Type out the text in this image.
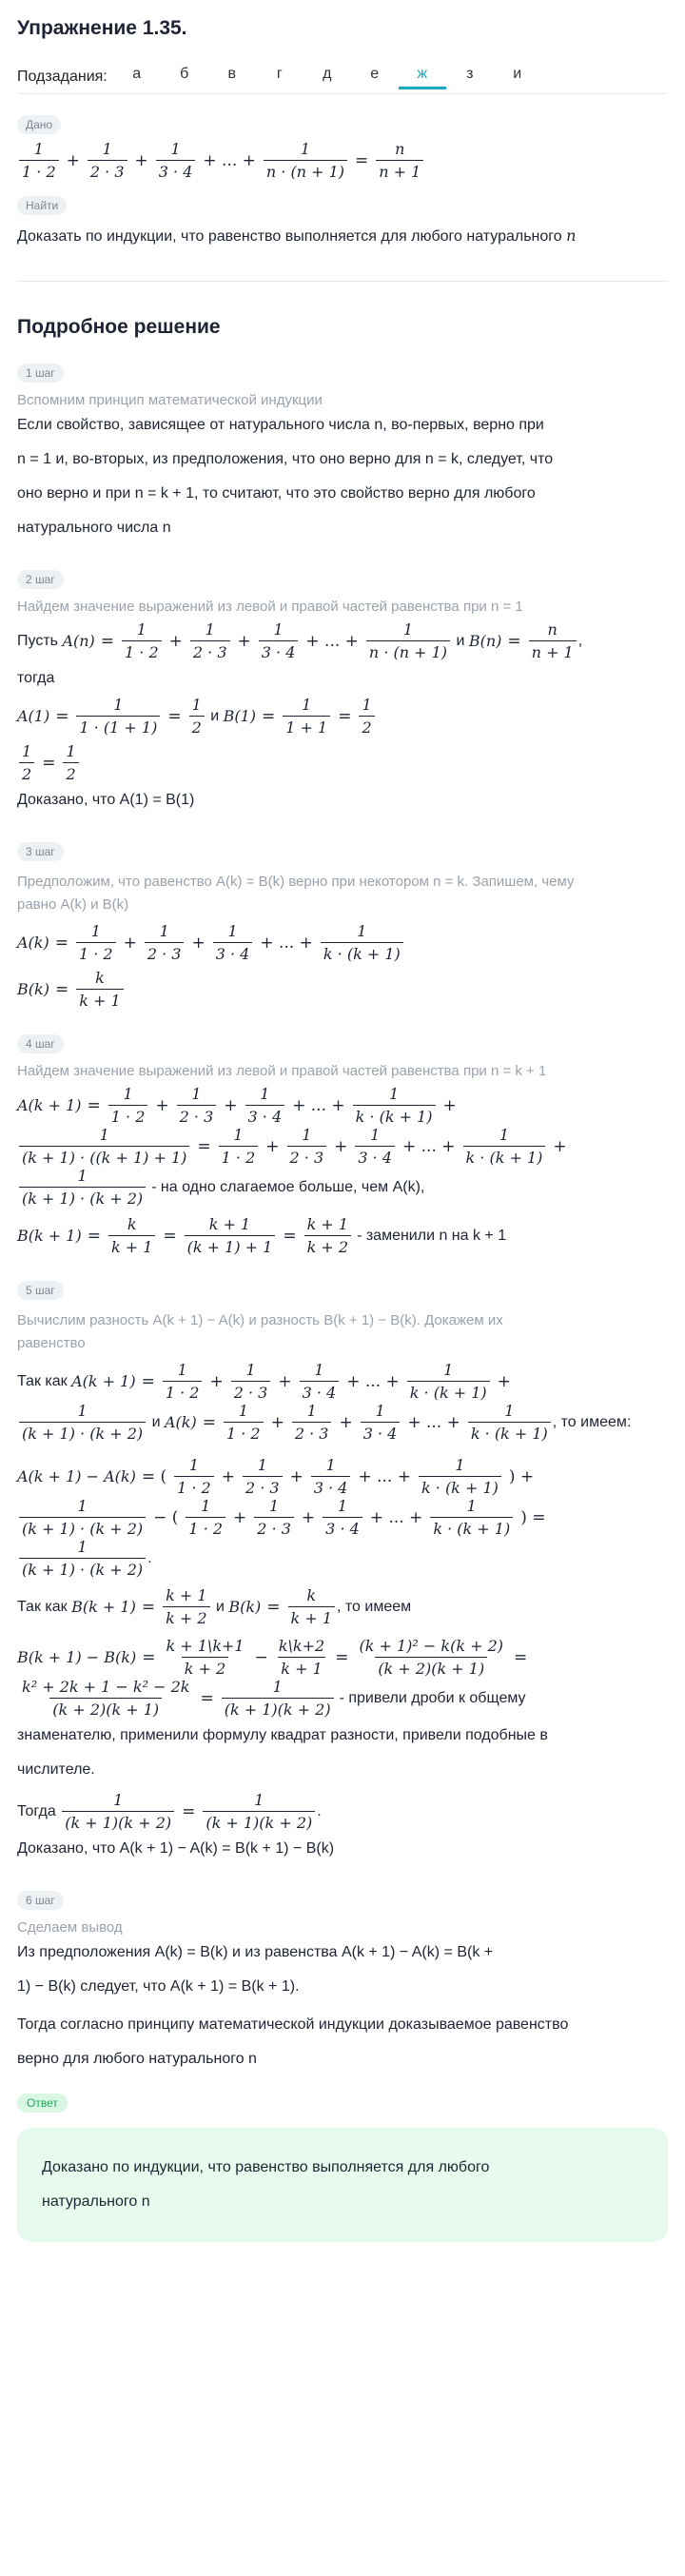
Упражнение 1.35.
Подзадания:	а	б	в	г	д	е	ж	з	и
Дано
$\frac{1}{1 \cdot 2} + \frac{1}{2 \cdot 3} + \frac{1}{3 \cdot 4}$ + ... + $\frac{1}{n \cdot (n + 1)} = \frac{n}{n + 1}$
Найти
Доказать по индукции, что равенство выполняется для любого натурального n
Подробное решение
1 шаг
Вспомним принцип математической индукции
Если свойство, зависящее от натурального числа n, во-первых, верно при
n = 1 и, во-вторых, из предположения, что оно верно для n = k, следует, что
оно верно и при n = k + 1, то считают, что это свойство верно для любого
натурального числа n
2 шаг
Найдем значение выражений из левой и правой частей равенства при n = 1
Пусть
$A(n) = \frac{1}{1 \cdot 2} + \frac{1}{2 \cdot 3} + \frac{1}{3 \cdot 4}$ + ... + $\frac{1}{n \cdot (n + 1)}$
и
$B(n) = \frac{n}{n + 1}$ ,
тогда
$A(1) = \frac{1}{1 \cdot (1 + 1)} = \frac{1}{2}$
и
$B(1) = \frac{1}{1 + 1} = \frac{1}{2}$
$\frac{1}{2} = \frac{1}{2}$
Доказано, что A(1) = B(1)
3 шаг
Предположим, что равенство A(k) = B(k) верно при некотором n = k. Запишем, чему
равно A(k) и B(k)
$A(k) = \frac{1}{1 \cdot 2} + \frac{1}{2 \cdot 3} + \frac{1}{3 \cdot 4}$ + ... + $\frac{1}{k \cdot (k + 1)}$
$B(k) = \frac{k}{k + 1}$
4 шаг
Найдем значение выражений из левой и правой частей равенства при n = k + 1
$A(k + 1) = \frac{1}{1 \cdot 2} + \frac{1}{2 \cdot 3} + \frac{1}{3 \cdot 4}$ + ... + $\frac{1}{k \cdot (k + 1)}$ +
$\frac{1}{(k + 1) \cdot ((k + 1) + 1)} = \frac{1}{1 \cdot 2} + \frac{1}{2 \cdot 3} + \frac{1}{3 \cdot 4}$ + ... + $\frac{1}{k \cdot (k + 1)}$ +
$\frac{1}{(k + 1) \cdot (k + 2)}$ - на одно слагаемое больше, чем A(k),
$B(k + 1) = \frac{k}{k + 1} = \frac{k + 1}{(k + 1) + 1} = \frac{k + 1}{k + 2}$ - заменили n на k + 1
5 шаг
Вычислим разность A(k + 1) − A(k) и разность B(k + 1) − B(k). Докажем их
равенство
Так как
$A(k + 1) = \frac{1}{1 \cdot 2} + \frac{1}{2 \cdot 3} + \frac{1}{3 \cdot 4}$ + ... + $\frac{1}{k \cdot (k + 1)}$ +
$\frac{1}{(k + 1) \cdot (k + 2)}$
и
$A(k) = \frac{1}{1 \cdot 2} + \frac{1}{2 \cdot 3} + \frac{1}{3 \cdot 4}$ + ... + $\frac{1}{k \cdot (k + 1)}$ , то имеем:
A(k + 1) − A(k) = ( $\frac{1}{1 \cdot 2} + \frac{1}{2 \cdot 3} + \frac{1}{3 \cdot 4}$ + ... + $\frac{1}{k \cdot (k + 1)}$ ) +
$\frac{1}{(k + 1) \cdot (k + 2)}$ − ( $\frac{1}{1 \cdot 2} + \frac{1}{2 \cdot 3} + \frac{1}{3 \cdot 4}$ + ... + $\frac{1}{k \cdot (k + 1)}$ ) =
$\frac{1}{(k + 1) \cdot (k + 2)}$ .
Так как
$B(k + 1) = \frac{k + 1}{k + 2}$
и
$B(k) = \frac{k}{k + 1}$ , то имеем
$B(k + 1) - B(k) = \frac{k + 1\backslash k+1}{k + 2} - \frac{k\backslash k+2}{k + 1} = \frac{\text{(k + 1)² − k(k + 2)}}{(k + 2)(k + 1)}$ =
$\frac{\text{k² + 2k + 1 − k² − 2k}}{(k + 2)(k + 1)} = \frac{1}{(k + 1)(k + 2)}$ - привели дроби к общему
знаменателю, применили формулу квадрат разности, привели подобные в
числителе.
Тогда
$\frac{1}{(k + 1)(k + 2)} = \frac{1}{(k + 1)(k + 2)}$ .
Доказано, что A(k + 1) − A(k) = B(k + 1) − B(k)
6 шаг
Сделаем вывод
Из предположения A(k) = B(k) и из равенства A(k + 1) − A(k) = B(k +
1) − B(k) следует, что A(k + 1) = B(k + 1).
Тогда согласно принципу математической индукции доказываемое равенство
верно для любого натурального n
Ответ
Доказано по индукции, что равенство выполняется для любого
натурального n
